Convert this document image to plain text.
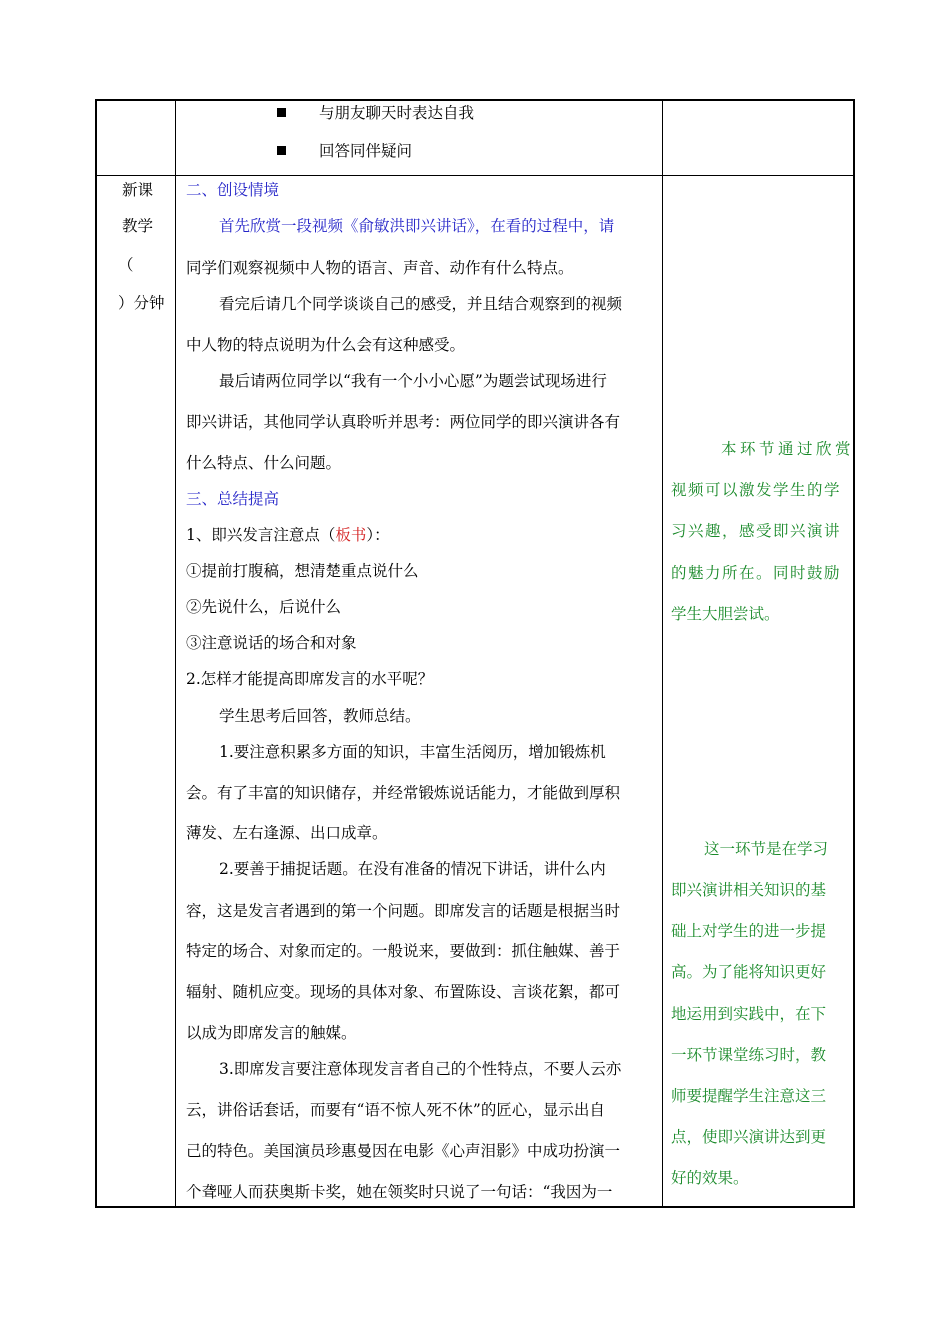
与朋友聊天时表达自我
回答同伴疑问
新课
教学
（
）分钟
二、创设情境
首先欣赏一段视频《俞敏洪即兴讲话》，在看的过程中，请
同学们观察视频中人物的语言、声音、动作有什么特点。
看完后请几个同学谈谈自己的感受，并且结合观察到的视频
中人物的特点说明为什么会有这种感受。
最后请两位同学以“我有一个小小心愿”为题尝试现场进行
即兴讲话，其他同学认真聆听并思考：两位同学的即兴演讲各有
什么特点、什么问题。
三、总结提高
1、即兴发言注意点（板书）：
①提前打腹稿，想清楚重点说什么
②先说什么，后说什么
③注意说话的场合和对象
2.怎样才能提高即席发言的水平呢？
学生思考后回答，教师总结。
1.要注意积累多方面的知识，丰富生活阅历，增加锻炼机
会。有了丰富的知识储存，并经常锻炼说话能力，才能做到厚积
薄发、左右逢源、出口成章。
2.要善于捕捉话题。在没有准备的情况下讲话，讲什么内
容，这是发言者遇到的第一个问题。即席发言的话题是根据当时
特定的场合、对象而定的。一般说来，要做到：抓住触媒、善于
辐射、随机应变。现场的具体对象、布置陈设、言谈花絮，都可
以成为即席发言的触媒。
3.即席发言要注意体现发言者自己的个性特点，不要人云亦
云，讲俗话套话，而要有“语不惊人死不休”的匠心，显示出自
己的特色。美国演员珍惠曼因在电影《心声泪影》中成功扮演一
个聋哑人而获奥斯卡奖，她在领奖时只说了一句话：“我因为一
本环节通过欣赏
视频可以激发学生的学
习兴趣，感受即兴演讲
的魅力所在。同时鼓励
学生大胆尝试。
这一环节是在学习
即兴演讲相关知识的基
础上对学生的进一步提
高。为了能将知识更好
地运用到实践中，在下
一环节课堂练习时，教
师要提醒学生注意这三
点，使即兴演讲达到更
好的效果。
